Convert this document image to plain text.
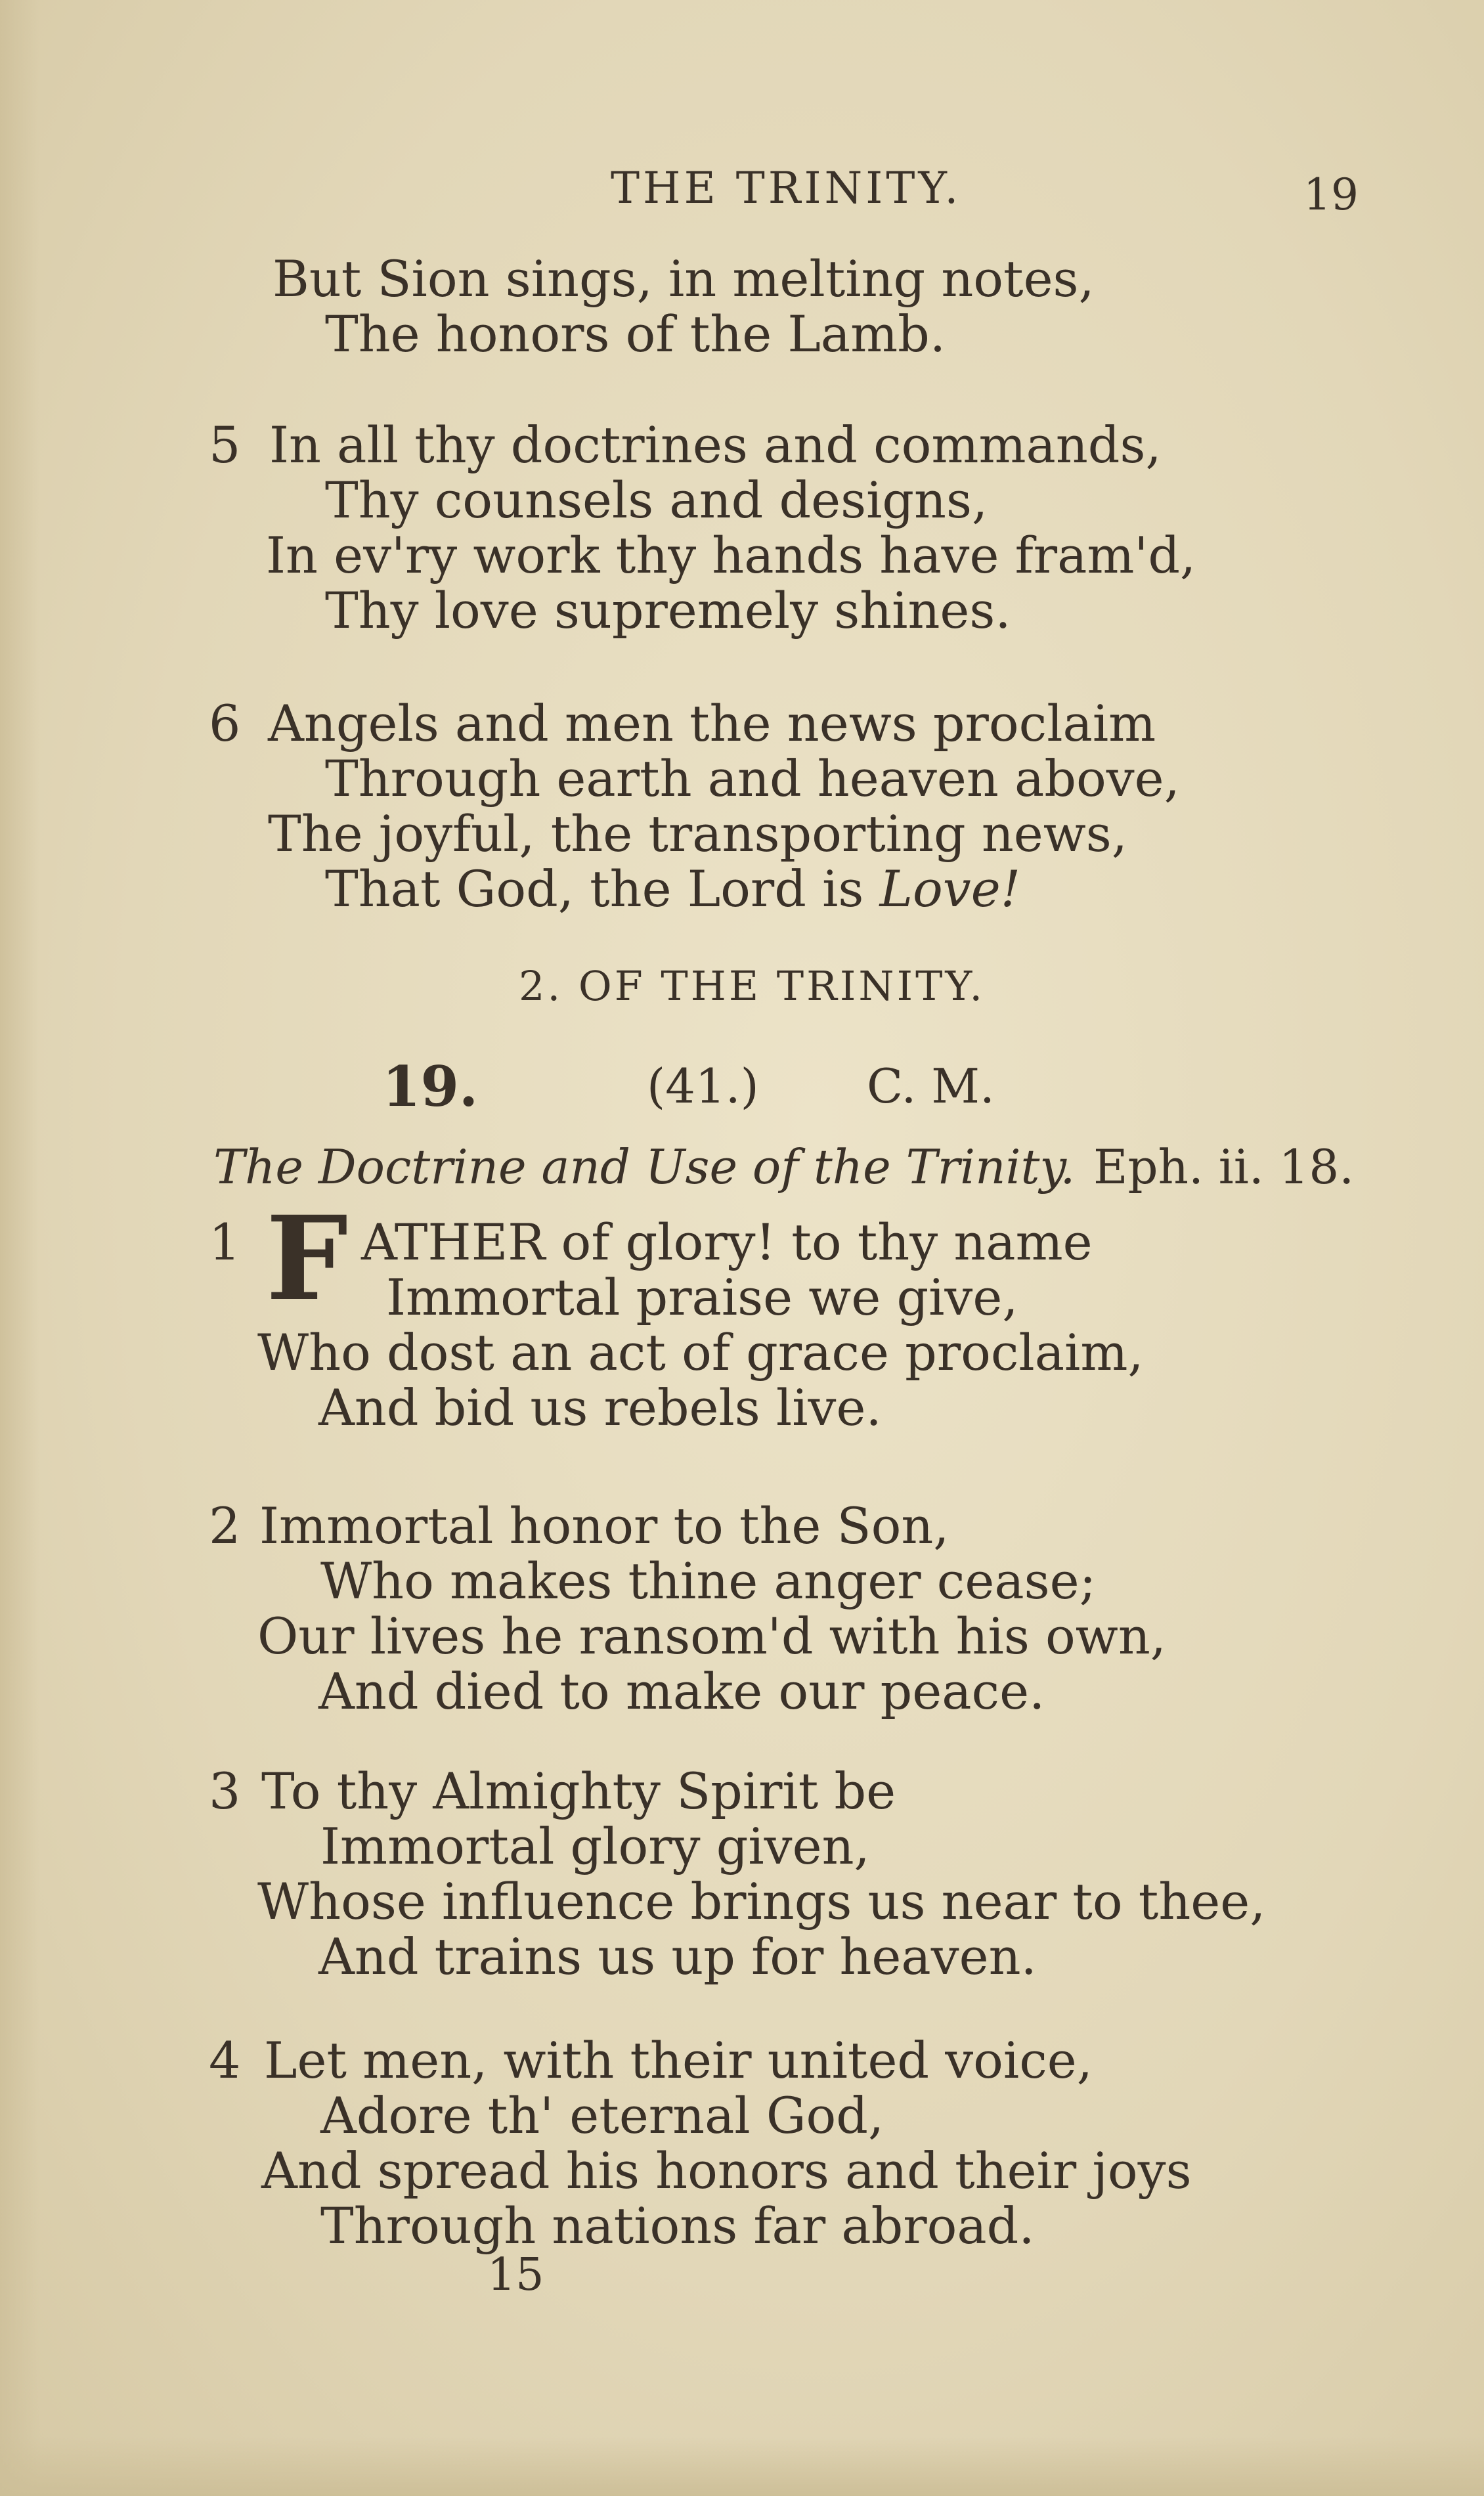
THE TRINITY.	19
But Sion sings, in melting notes,
The honors of the Lamb.
5 In all thy doctrines and commands,
Thy counsels and designs,
In ev'ry work thy hands have fram'd,
Thy love supremely shines.
6 Angels and men the news proclaim
Through earth and heaven above,
The joyful, the transporting news,
That God, the Lord is Love!
2. OF THE TRINITY.
19.	(41.) C. M.
The Doctrine and Use of the Trinity. Eph. ii. 18.
1 F ATHER of glory! to thy name
Immortal praise we give,
Who dost an act of grace proclaim,
And bid us rebels live.
2 Immortal honor to the Son,
Who makes thine anger cease;
Our lives he ransom'd with his own,
And died to make our peace.
3 To thy Almighty Spirit be
Immortal glory given,
Whose influence brings us near to thee,
And trains us up for heaven.
4 Let men, with their united voice,
Adore th' eternal God,
And spread his honors and their joys
Through nations far abroad.
15
